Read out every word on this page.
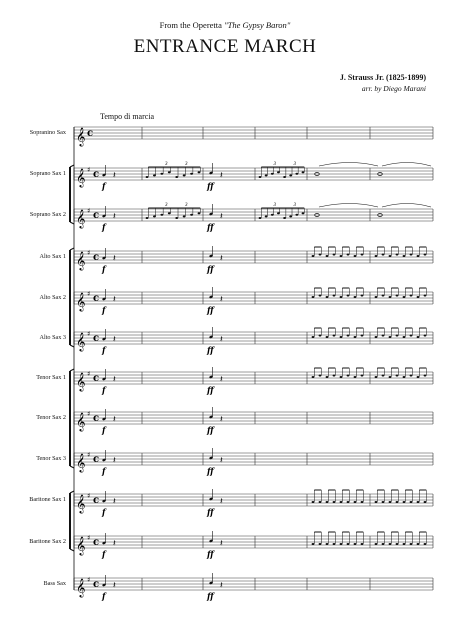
From the Operetta "The Gypsy Baron"
ENTRANCE MARCH
J. Strauss Jr. (1825-1899)
arr. by Diego Marani
Tempo di marcia
Sopranino Sax
Soprano Sax 1
Soprano Sax 2
Alto Sax 1
Alto Sax 2
Alto Sax 3
Tenor Sax 1
Tenor Sax 2
Tenor Sax 3
Baritone Sax 1
Baritone Sax 2
Bass Sax
𝄞 c
𝄞 ♯ c 𝄽	𝄽
f	ff
3	3	3	3
𝄞 ♯ c 𝄽	𝄽
f	ff
3	3	3	3
𝄞 ♯ c 𝄽	𝄽
f	ff
𝄞 ♯ c 𝄽	𝄽
f	ff
𝄞 ♯ c 𝄽	𝄽
f	ff
𝄞 ♯ c 𝄽	𝄽
f	ff
𝄞 ♯ c 𝄽	𝄽
f	ff
𝄞 ♯ c 𝄽	𝄽
f	ff
𝄞 ♯ c 𝄽	𝄽
f	ff
𝄞 ♯ c 𝄽	𝄽
f	ff
𝄞 ♯ c 𝄽	𝄽
f	ff
